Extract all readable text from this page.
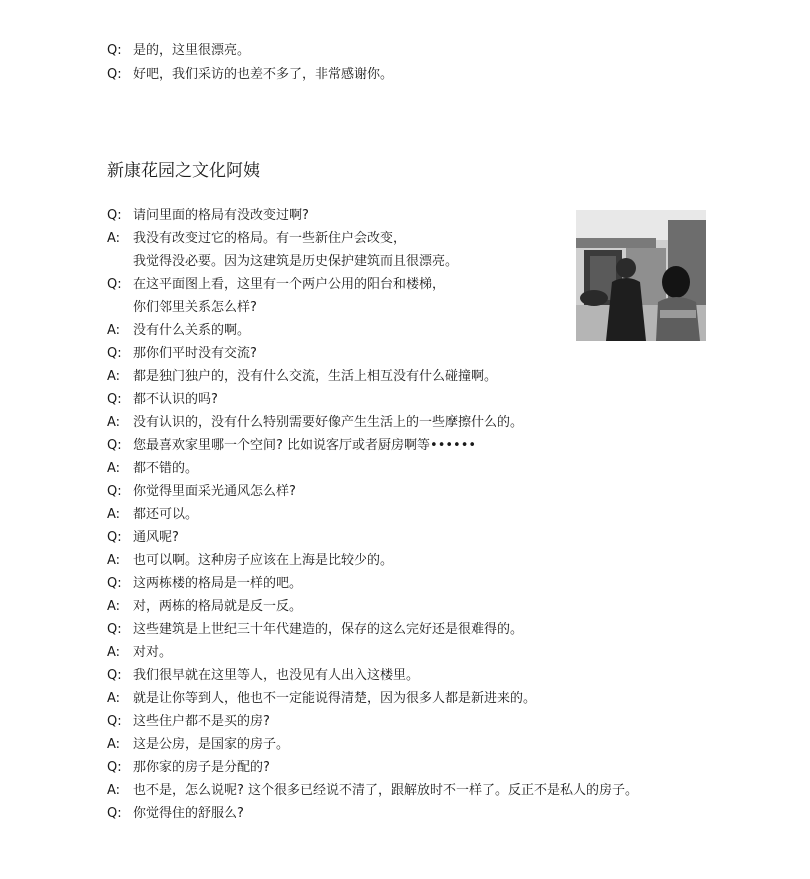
Q: 是的，这里很漂亮。
Q: 好吧，我们采访的也差不多了，非常感谢你。
新康花园之文化阿姨
Q: 请问里面的格局有没改变过啊?
A: 我没有改变过它的格局。有一些新住户会改变，
我觉得没必要。因为这建筑是历史保护建筑而且很漂亮。
Q: 在这平面图上看，这里有一个两户公用的阳台和楼梯，
你们邻里关系怎么样?
A: 没有什么关系的啊。
Q: 那你们平时没有交流?
A: 都是独门独户的，没有什么交流，生活上相互没有什么碰撞啊。
Q: 都不认识的吗?
A: 没有认识的，没有什么特别需要好像产生生活上的一些摩擦什么的。
Q: 您最喜欢家里哪一个空间? 比如说客厅或者厨房啊等••••••
A: 都不错的。
Q: 你觉得里面采光通风怎么样?
A: 都还可以。
Q: 通风呢?
A: 也可以啊。这种房子应该在上海是比较少的。
Q: 这两栋楼的格局是一样的吧。
A: 对，两栋的格局就是反一反。
Q: 这些建筑是上世纪三十年代建造的，保存的这么完好还是很难得的。
A: 对对。
Q: 我们很早就在这里等人，也没见有人出入这楼里。
A: 就是让你等到人，他也不一定能说得清楚，因为很多人都是新进来的。
Q: 这些住户都不是买的房?
A: 这是公房，是国家的房子。
Q: 那你家的房子是分配的?
A: 也不是，怎么说呢? 这个很多已经说不清了，跟解放时不一样了。反正不是私人的房子。
Q: 你觉得住的舒服么?
